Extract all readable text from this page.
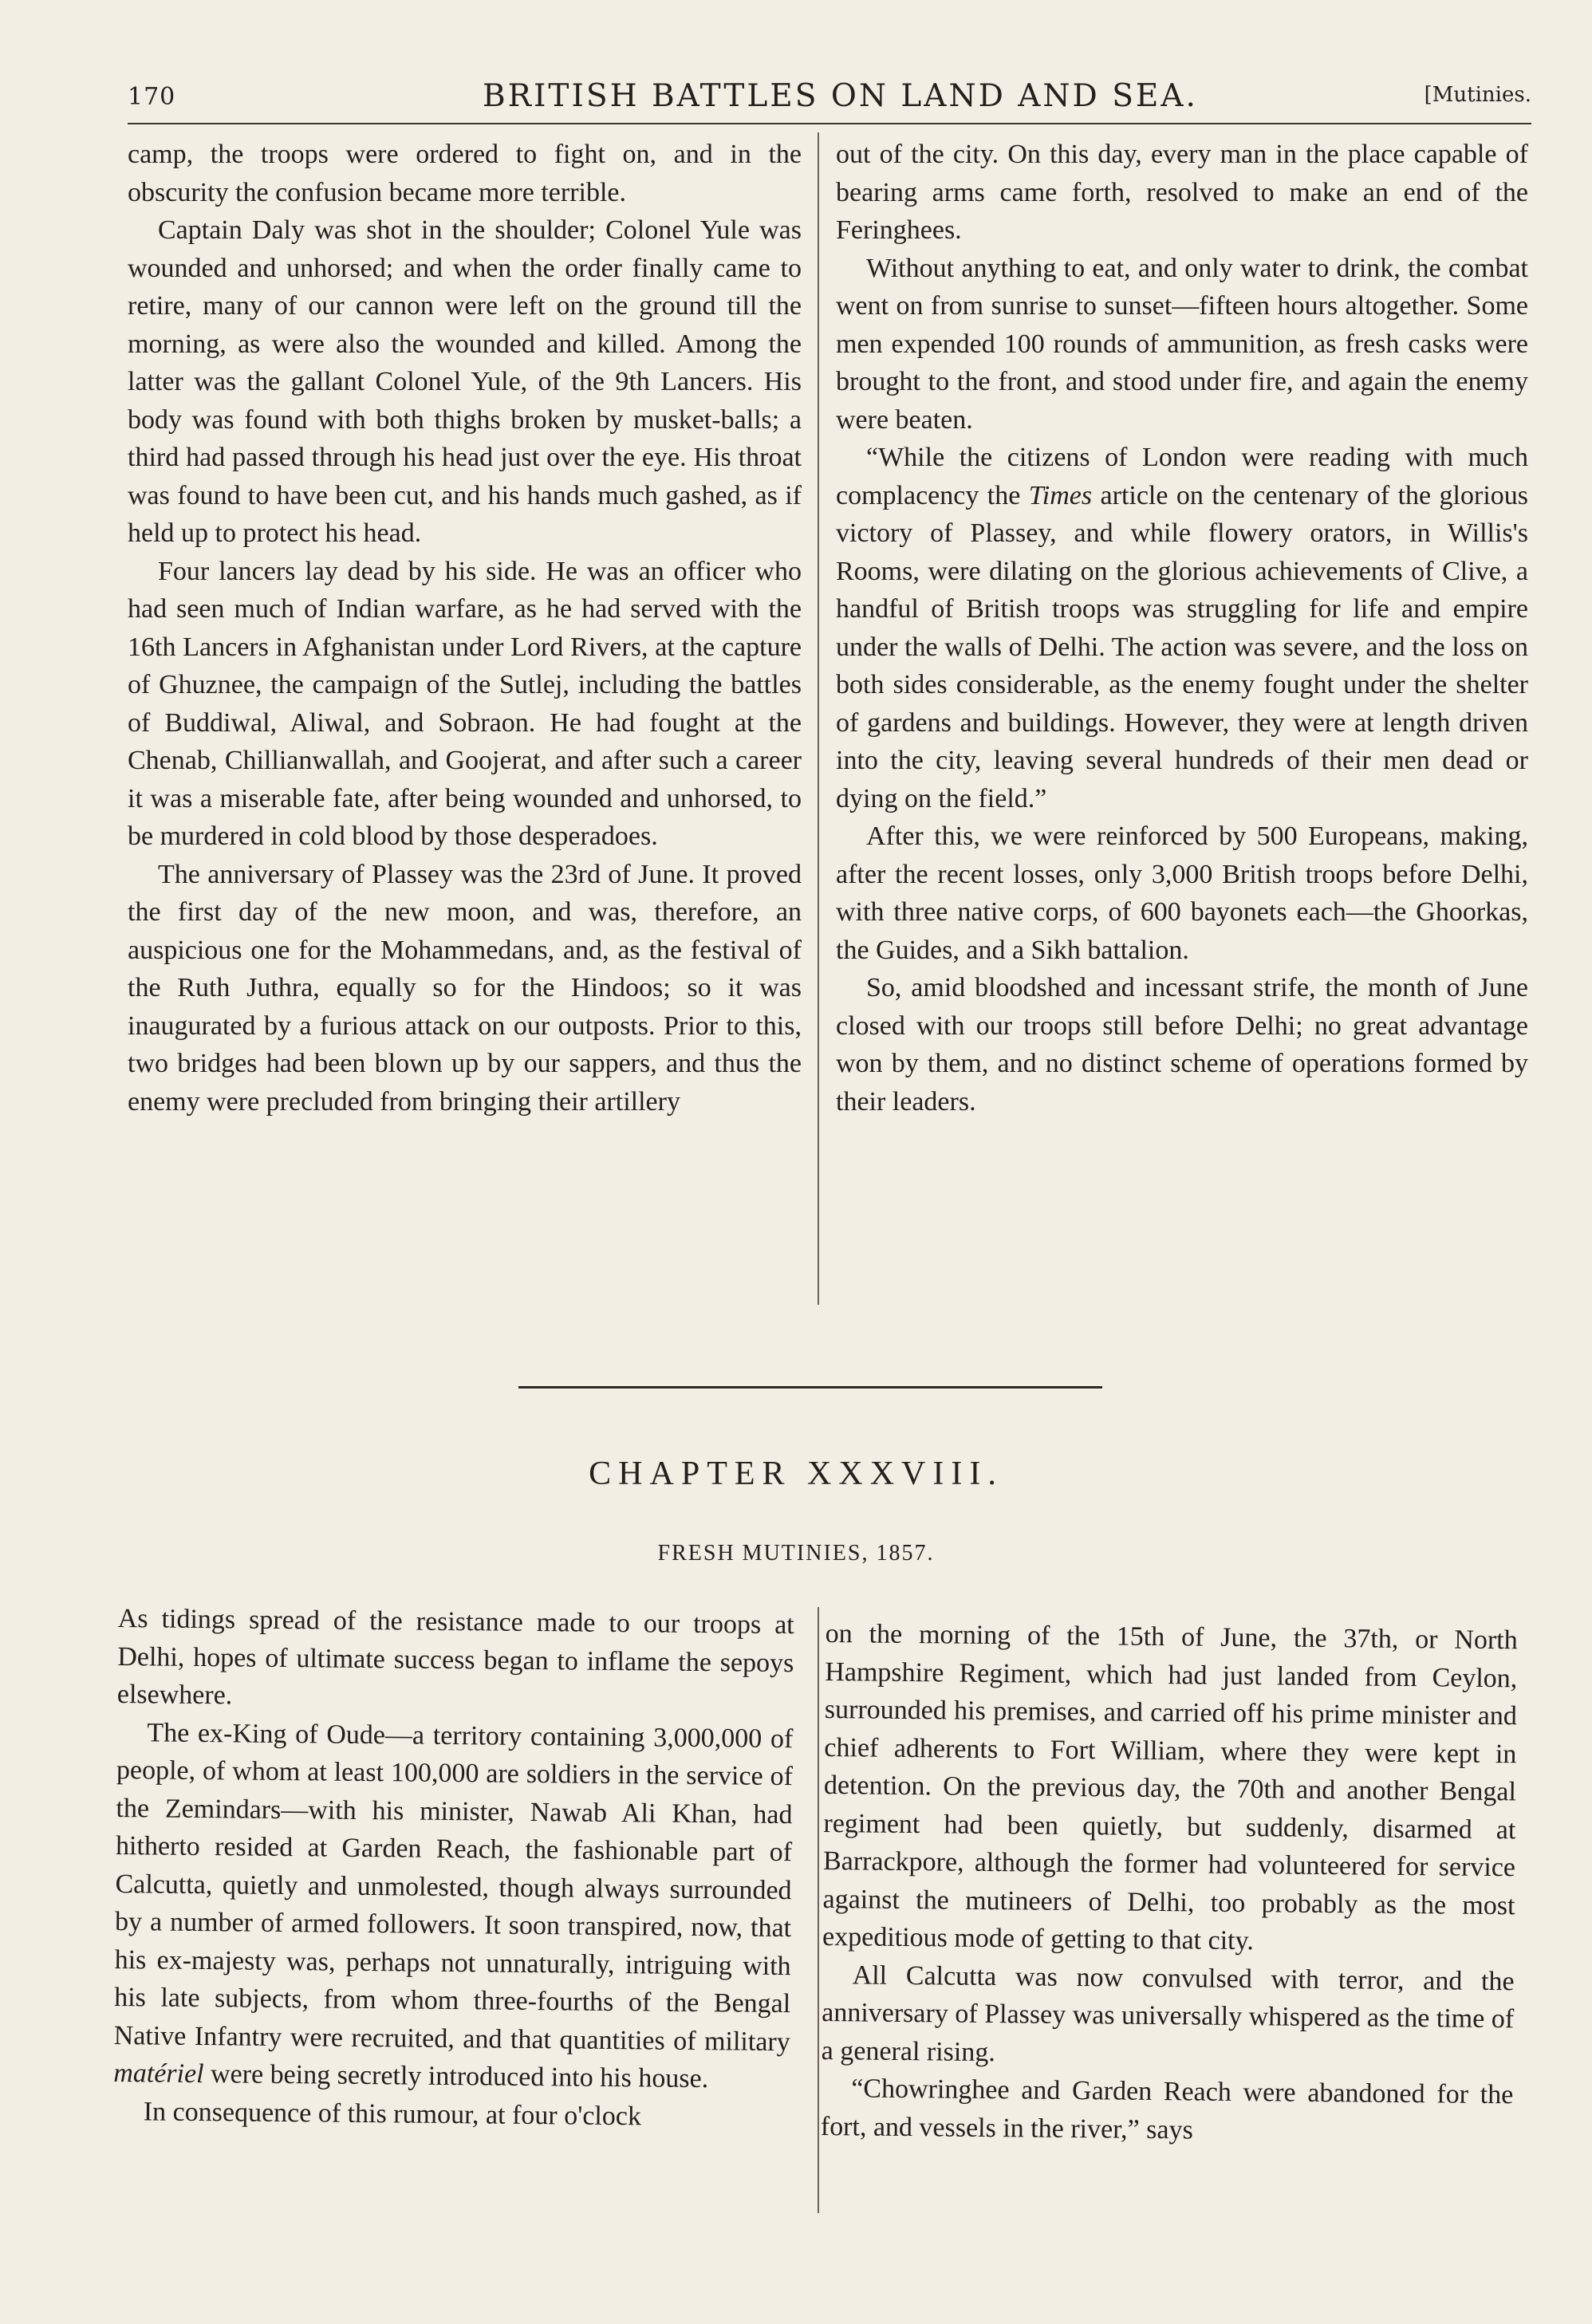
170	BRITISH BATTLES ON LAND AND SEA.	[Mutinies.

camp, the troops were ordered to fight on, and in the obscurity the confusion became more terrible.

Captain Daly was shot in the shoulder; Colonel Yule was wounded and unhorsed; and when the order finally came to retire, many of our cannon were left on the ground till the morning, as were also the wounded and killed. Among the latter was the gallant Colonel Yule, of the 9th Lancers. His body was found with both thighs broken by musket-balls; a third had passed through his head just over the eye. His throat was found to have been cut, and his hands much gashed, as if held up to protect his head.

Four lancers lay dead by his side. He was an officer who had seen much of Indian warfare, as he had served with the 16th Lancers in Afghanistan under Lord Rivers, at the capture of Ghuznee, the campaign of the Sutlej, including the battles of Buddiwal, Aliwal, and Sobraon. He had fought at the Chenab, Chillianwallah, and Goojerat, and after such a career it was a miserable fate, after being wounded and unhorsed, to be murdered in cold blood by those desperadoes.

The anniversary of Plassey was the 23rd of June. It proved the first day of the new moon, and was, therefore, an auspicious one for the Mohammedans, and, as the festival of the Ruth Juthra, equally so for the Hindoos; so it was inaugurated by a furious attack on our outposts. Prior to this, two bridges had been blown up by our sappers, and thus the enemy were precluded from bringing their artillery

out of the city. On this day, every man in the place capable of bearing arms came forth, resolved to make an end of the Feringhees.

Without anything to eat, and only water to drink, the combat went on from sunrise to sunset—fifteen hours altogether. Some men expended 100 rounds of ammunition, as fresh casks were brought to the front, and stood under fire, and again the enemy were beaten.

“While the citizens of London were reading with much complacency the Times article on the centenary of the glorious victory of Plassey, and while flowery orators, in Willis's Rooms, were dilating on the glorious achievements of Clive, a handful of British troops was struggling for life and empire under the walls of Delhi. The action was severe, and the loss on both sides considerable, as the enemy fought under the shelter of gardens and buildings. However, they were at length driven into the city, leaving several hundreds of their men dead or dying on the field.”

After this, we were reinforced by 500 Europeans, making, after the recent losses, only 3,000 British troops before Delhi, with three native corps, of 600 bayonets each—the Ghoorkas, the Guides, and a Sikh battalion.

So, amid bloodshed and incessant strife, the month of June closed with our troops still before Delhi; no great advantage won by them, and no distinct scheme of operations formed by their leaders.

CHAPTER XXXVIII.
FRESH MUTINIES, 1857.

As tidings spread of the resistance made to our troops at Delhi, hopes of ultimate success began to inflame the sepoys elsewhere.

The ex-King of Oude—a territory containing 3,000,000 of people, of whom at least 100,000 are soldiers in the service of the Zemindars—with his minister, Nawab Ali Khan, had hitherto resided at Garden Reach, the fashionable part of Calcutta, quietly and unmolested, though always surrounded by a number of armed followers. It soon transpired, now, that his ex-majesty was, perhaps not unnaturally, intriguing with his late subjects, from whom three-fourths of the Bengal Native Infantry were recruited, and that quantities of military matériel were being secretly introduced into his house.

In consequence of this rumour, at four o'clock

on the morning of the 15th of June, the 37th, or North Hampshire Regiment, which had just landed from Ceylon, surrounded his premises, and carried off his prime minister and chief adherents to Fort William, where they were kept in detention. On the previous day, the 70th and another Bengal regiment had been quietly, but suddenly, disarmed at Barrackpore, although the former had volunteered for service against the mutineers of Delhi, too probably as the most expeditious mode of getting to that city.

All Calcutta was now convulsed with terror, and the anniversary of Plassey was universally whispered as the time of a general rising.

“Chowringhee and Garden Reach were abandoned for the fort, and vessels in the river,” says
